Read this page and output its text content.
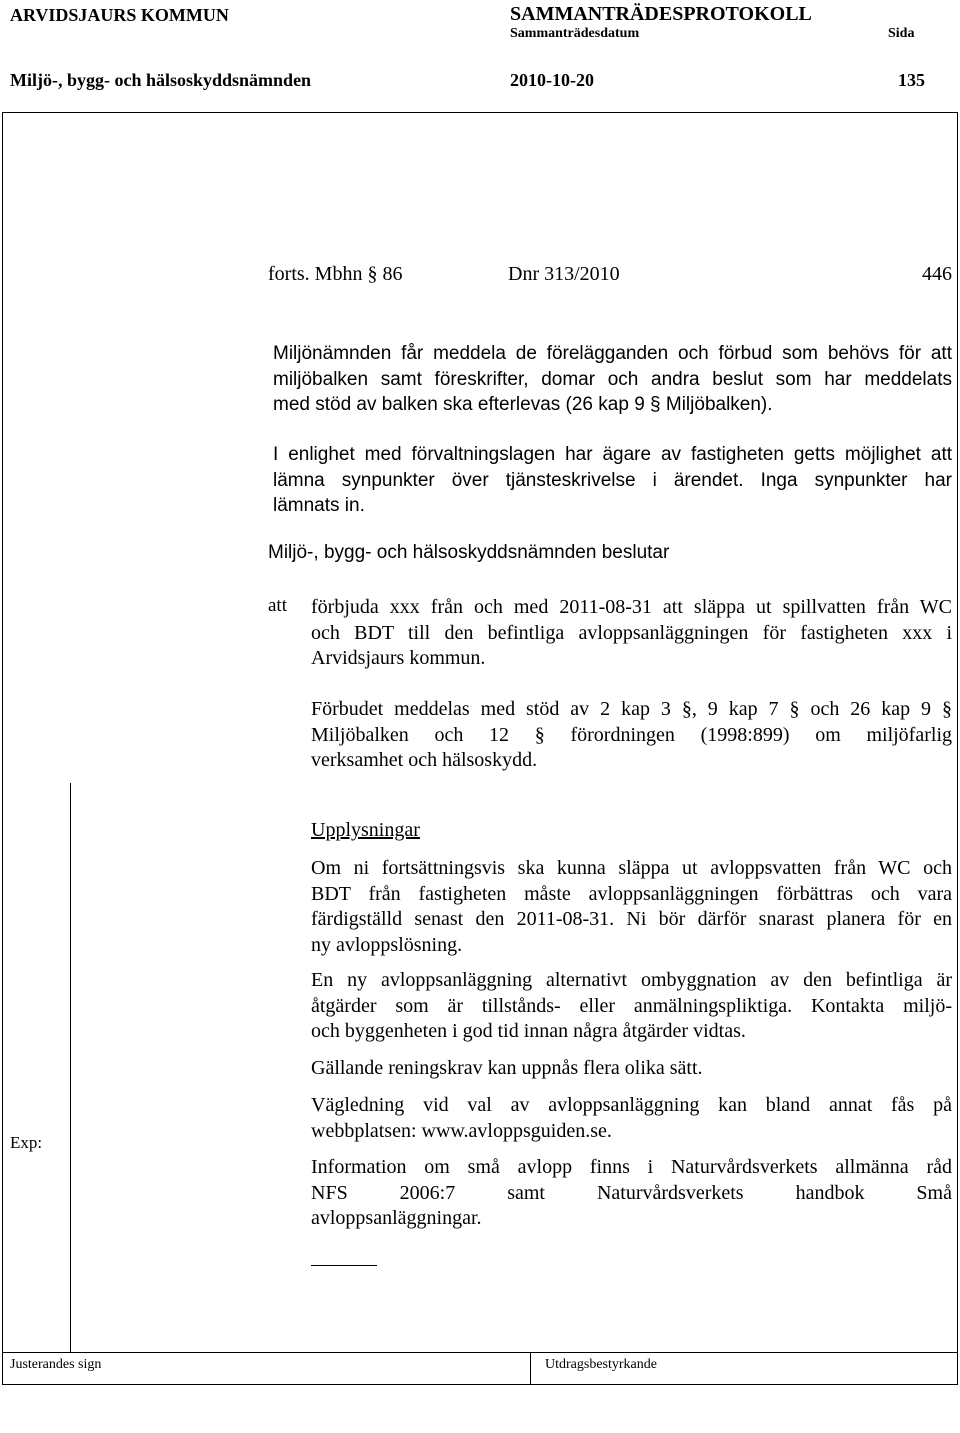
ARVIDSJAURS KOMMUN	SAMMANTRÄDESPROTOKOLL
Sammanträdesdatum	Sida
Miljö-, bygg- och hälsoskyddsnämnden	2010-10-20	135
forts. Mbhn § 86	Dnr 313/2010	446
Miljönämnden får meddela de förelägganden och förbud som behövs för att
miljöbalken samt föreskrifter, domar och andra beslut som har meddelats
med stöd av balken ska efterlevas (26 kap 9 § Miljöbalken).
I enlighet med förvaltningslagen har ägare av fastigheten getts möjlighet att
lämna synpunkter över tjänsteskrivelse i ärendet. Inga synpunkter har
lämnats in.
Miljö-, bygg- och hälsoskyddsnämnden beslutar
att förbjuda xxx från och med 2011-08-31 att släppa ut spillvatten från WC
och BDT till den befintliga avloppsanläggningen för fastigheten xxx i
Arvidsjaurs kommun.
Förbudet meddelas med stöd av 2 kap 3 §, 9 kap 7 § och 26 kap 9 §
Miljöbalken och 12 § förordningen (1998:899) om miljöfarlig
verksamhet och hälsoskydd.
Upplysningar
Om ni fortsättningsvis ska kunna släppa ut avloppsvatten från WC och
BDT från fastigheten måste avloppsanläggningen förbättras och vara
färdigställd senast den 2011-08-31. Ni bör därför snarast planera för en
ny avloppslösning.
En ny avloppsanläggning alternativt ombyggnation av den befintliga är
åtgärder som är tillstånds- eller anmälningspliktiga. Kontakta miljö-
och byggenheten i god tid innan några åtgärder vidtas.
Gällande reningskrav kan uppnås flera olika sätt.
Vägledning vid val av avloppsanläggning kan bland annat fås på
webbplatsen: www.avloppsguiden.se.
Information om små avlopp finns i Naturvårdsverkets allmänna råd
NFS 2006:7 samt Naturvårdsverkets handbok Små
avloppsanläggningar.
Exp:
Justerandes sign	Utdragsbestyrkande
